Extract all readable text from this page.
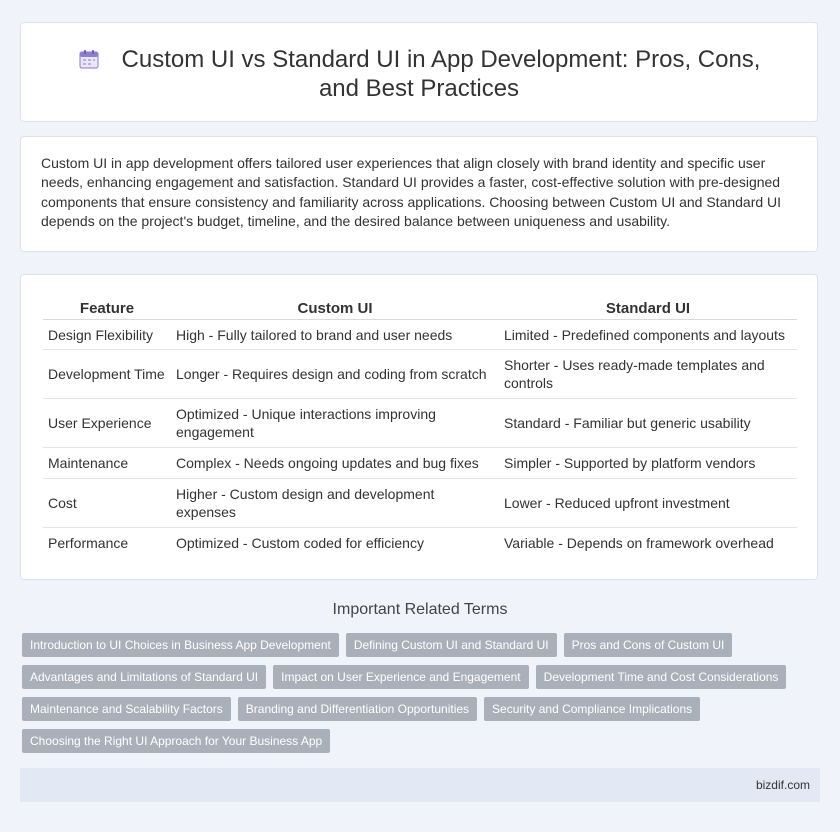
Custom UI vs Standard UI in App Development: Pros, Cons, and Best Practices
Custom UI in app development offers tailored user experiences that align closely with brand identity and specific user needs, enhancing engagement and satisfaction. Standard UI provides a faster, cost-effective solution with pre-designed components that ensure consistency and familiarity across applications. Choosing between Custom UI and Standard UI depends on the project's budget, timeline, and the desired balance between uniqueness and usability.
Feature	Custom UI	Standard UI
Design Flexibility	High - Fully tailored to brand and user needs	Limited - Predefined components and layouts
Development Time	Longer - Requires design and coding from scratch	Shorter - Uses ready-made templates and controls
User Experience	Optimized - Unique interactions improving engagement	Standard - Familiar but generic usability
Maintenance	Complex - Needs ongoing updates and bug fixes	Simpler - Supported by platform vendors
Cost	Higher - Custom design and development expenses	Lower - Reduced upfront investment
Performance	Optimized - Custom coded for efficiency	Variable - Depends on framework overhead
Important Related Terms
Introduction to UI Choices in Business App Development	Defining Custom UI and Standard UI	Pros and Cons of Custom UI
Advantages and Limitations of Standard UI	Impact on User Experience and Engagement	Development Time and Cost Considerations
Maintenance and Scalability Factors	Branding and Differentiation Opportunities	Security and Compliance Implications
Choosing the Right UI Approach for Your Business App
bizdif.com
